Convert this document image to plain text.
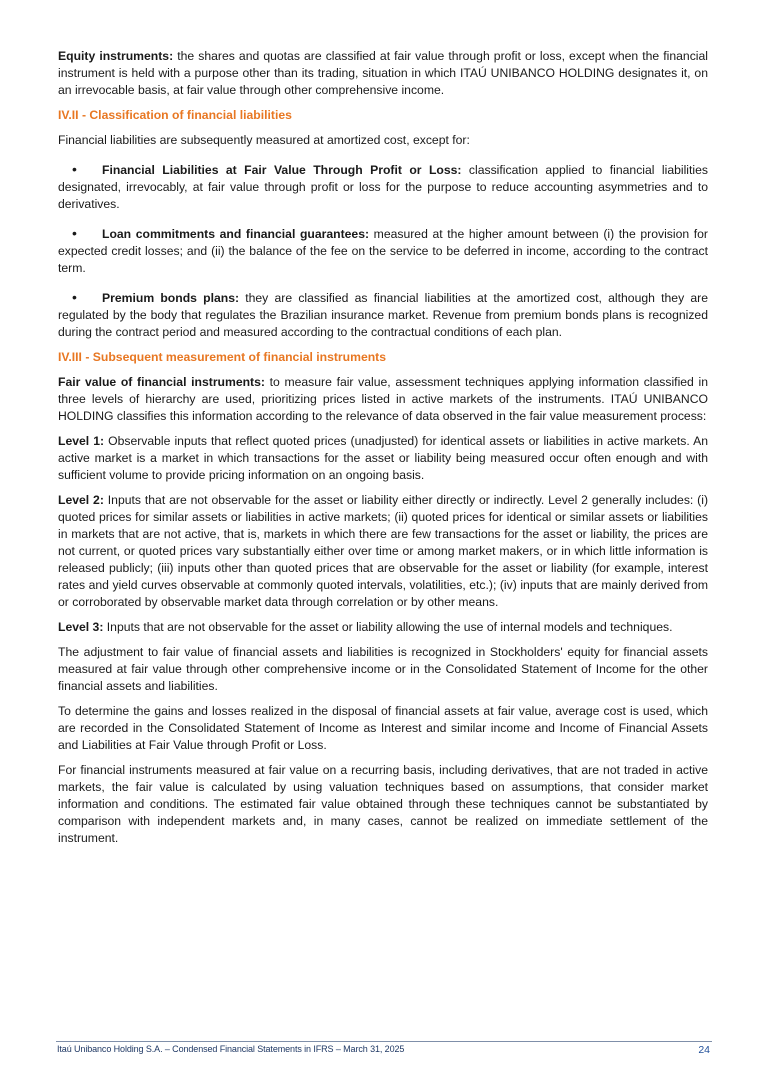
Equity instruments: the shares and quotas are classified at fair value through profit or loss, except when the financial instrument is held with a purpose other than its trading, situation in which ITAÚ UNIBANCO HOLDING designates it, on an irrevocable basis, at fair value through other comprehensive income.

IV.II - Classification of financial liabilities

Financial liabilities are subsequently measured at amortized cost, except for:

• Financial Liabilities at Fair Value Through Profit or Loss: classification applied to financial liabilities designated, irrevocably, at fair value through profit or loss for the purpose to reduce accounting asymmetries and to derivatives.

• Loan commitments and financial guarantees: measured at the higher amount between (i) the provision for expected credit losses; and (ii) the balance of the fee on the service to be deferred in income, according to the contract term.

• Premium bonds plans: they are classified as financial liabilities at the amortized cost, although they are regulated by the body that regulates the Brazilian insurance market. Revenue from premium bonds plans is recognized during the contract period and measured according to the contractual conditions of each plan.

IV.III - Subsequent measurement of financial instruments

Fair value of financial instruments: to measure fair value, assessment techniques applying information classified in three levels of hierarchy are used, prioritizing prices listed in active markets of the instruments. ITAÚ UNIBANCO HOLDING classifies this information according to the relevance of data observed in the fair value measurement process:

Level 1: Observable inputs that reflect quoted prices (unadjusted) for identical assets or liabilities in active markets. An active market is a market in which transactions for the asset or liability being measured occur often enough and with sufficient volume to provide pricing information on an ongoing basis.

Level 2: Inputs that are not observable for the asset or liability either directly or indirectly. Level 2 generally includes: (i) quoted prices for similar assets or liabilities in active markets; (ii) quoted prices for identical or similar assets or liabilities in markets that are not active, that is, markets in which there are few transactions for the asset or liability, the prices are not current, or quoted prices vary substantially either over time or among market makers, or in which little information is released publicly; (iii) inputs other than quoted prices that are observable for the asset or liability (for example, interest rates and yield curves observable at commonly quoted intervals, volatilities, etc.); (iv) inputs that are mainly derived from or corroborated by observable market data through correlation or by other means.

Level 3: Inputs that are not observable for the asset or liability allowing the use of internal models and techniques.

The adjustment to fair value of financial assets and liabilities is recognized in Stockholders' equity for financial assets measured at fair value through other comprehensive income or in the Consolidated Statement of Income for the other financial assets and liabilities.

To determine the gains and losses realized in the disposal of financial assets at fair value, average cost is used, which are recorded in the Consolidated Statement of Income as Interest and similar income and Income of Financial Assets and Liabilities at Fair Value through Profit or Loss.

For financial instruments measured at fair value on a recurring basis, including derivatives, that are not traded in active markets, the fair value is calculated by using valuation techniques based on assumptions, that consider market information and conditions. The estimated fair value obtained through these techniques cannot be substantiated by comparison with independent markets and, in many cases, cannot be realized on immediate settlement of the instrument.

Itaú Unibanco Holding S.A. – Condensed Financial Statements in IFRS – March 31, 2025	24
